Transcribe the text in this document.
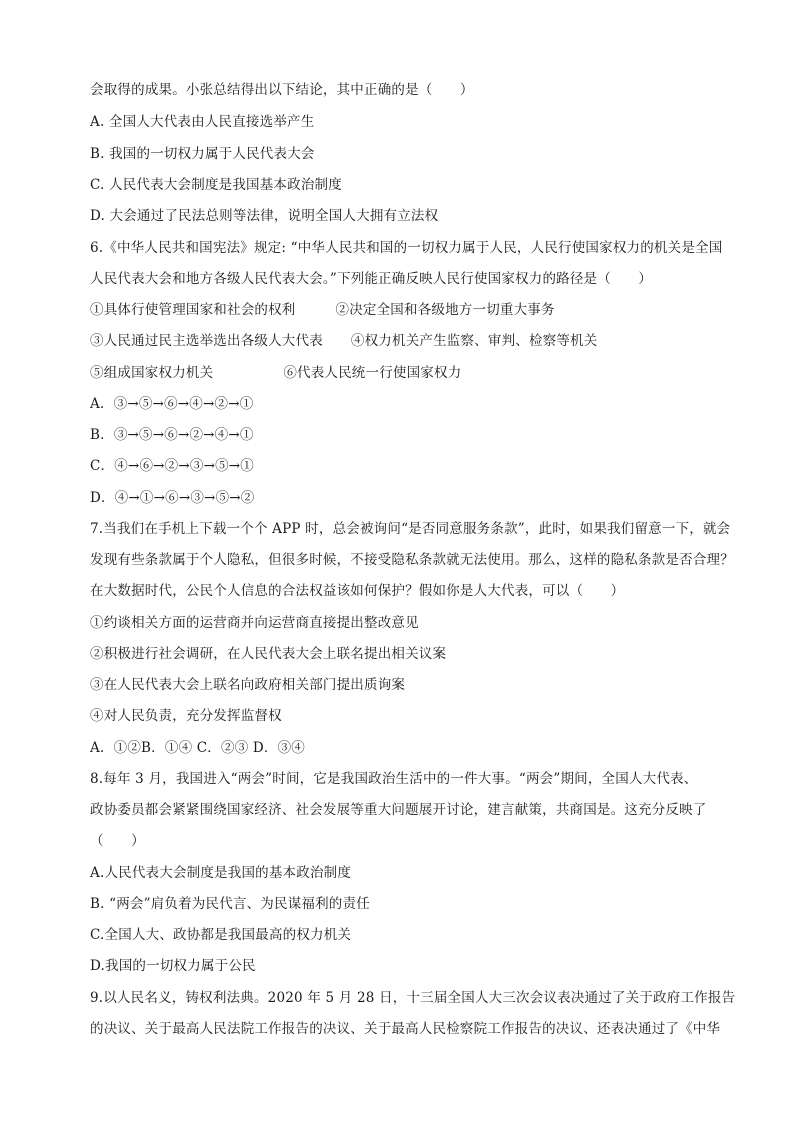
会取得的成果。小张总结得出以下结论，其中正确的是（　　）
A. 全国人大代表由人民直接选举产生
B. 我国的一切权力属于人民代表大会
C. 人民代表大会制度是我国基本政治制度
D. 大会通过了民法总则等法律，说明全国人大拥有立法权
6.《中华人民共和国宪法》规定: “中华人民共和国的一切权力属于人民，人民行使国家权力的机关是全国
人民代表大会和地方各级人民代表大会。”下列能正确反映人民行使国家权力的路径是（　　）
①具体行使管理国家和社会的权利	②决定全国和各级地方一切重大事务
③人民通过民主选举选出各级人大代表 ④权力机关产生监察、审判、检察等机关
⑤组成国家权力机关	⑥代表人民统一行使国家权力
A．③→⑤→⑥→④→②→①
B．③→⑤→⑥→②→④→①
C．④→⑥→②→③→⑤→①
D．④→①→⑥→③→⑤→②
7.当我们在手机上下载一个个 APP 时，总会被询问“是否同意服务条款”，此时，如果我们留意一下，就会
发现有些条款属于个人隐私，但很多时候，不接受隐私条款就无法使用。那么，这样的隐私条款是否合理？
在大数据时代，公民个人信息的合法权益该如何保护？假如你是人大代表，可以（　　）
①约谈相关方面的运营商并向运营商直接提出整改意见
②积极进行社会调研，在人民代表大会上联名提出相关议案
③在人民代表大会上联名向政府相关部门提出质询案
④对人民负责，充分发挥监督权
A．①②B．①④ C．②③ D．③④
8.每年 3 月，我国进入“两会”时间，它是我国政治生活中的一件大事。“两会”期间，全国人大代表、
政协委员都会紧紧围绕国家经济、社会发展等重大问题展开讨论，建言献策，共商国是。这充分反映了
（　　）
A.人民代表大会制度是我国的基本政治制度
B. “两会”肩负着为民代言、为民谋福利的责任
C.全国人大、政协都是我国最高的权力机关
D.我国的一切权力属于公民
9.以人民名义，铸权利法典。2020 年 5 月 28 日，十三届全国人大三次会议表决通过了关于政府工作报告
的决议、关于最高人民法院工作报告的决议、关于最高人民检察院工作报告的决议、还表决通过了《中华
